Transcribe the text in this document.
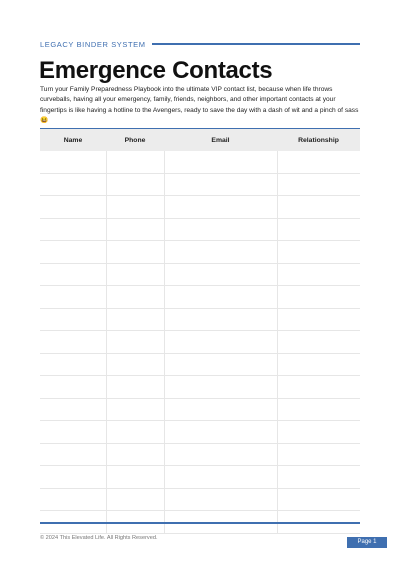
LEGACY BINDER SYSTEM
Emergence Contacts

Turn your Family Preparedness Playbook into the ultimate VIP contact list, because when life throws curveballs, having all your emergency, family, friends, neighbors, and other important contacts at your fingertips is like having a hotline to the Avengers, ready to save the day with a dash of wit and a pinch of sass 😆

Name	Phone	Email	Relationship

© 2024 This Elevated Life. All Rights Reserved.
Page 1
